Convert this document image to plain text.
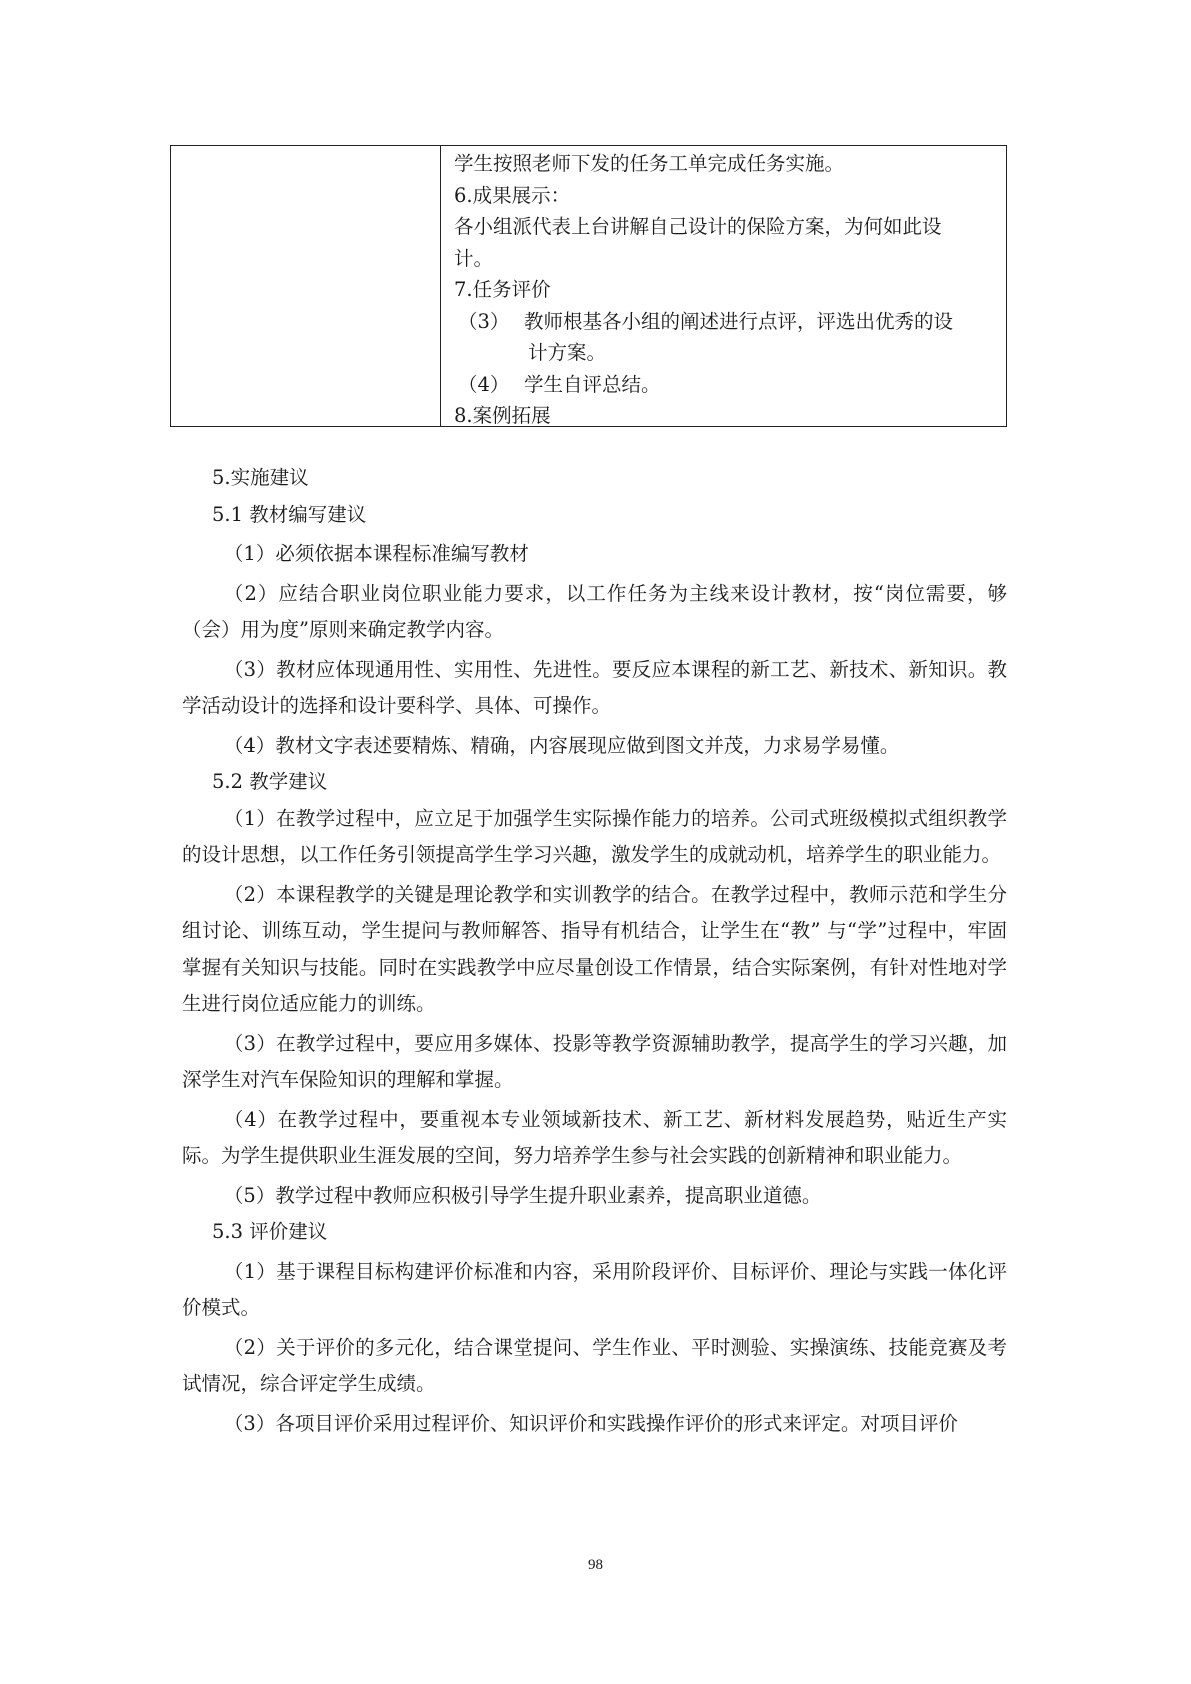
学生按照老师下发的任务工单完成任务实施。
6.成果展示：
各小组派代表上台讲解自己设计的保险方案，为何如此设
计。
7.任务评价
（3） 教师根基各小组的阐述进行点评，评选出优秀的设
计方案。
（4） 学生自评总结。
8.案例拓展

5.实施建议

5.1 教材编写建议

（1）必须依据本课程标准编写教材

（2）应结合职业岗位职业能力要求，以工作任务为主线来设计教材，按“岗位需要，够（会）用为度”原则来确定教学内容。

（3）教材应体现通用性、实用性、先进性。要反应本课程的新工艺、新技术、新知识。教学活动设计的选择和设计要科学、具体、可操作。

（4）教材文字表述要精炼、精确，内容展现应做到图文并茂，力求易学易懂。

5.2 教学建议

（1）在教学过程中，应立足于加强学生实际操作能力的培养。公司式班级模拟式组织教学的设计思想，以工作任务引领提高学生学习兴趣，激发学生的成就动机，培养学生的职业能力。

（2）本课程教学的关键是理论教学和实训教学的结合。在教学过程中，教师示范和学生分组讨论、训练互动，学生提问与教师解答、指导有机结合，让学生在“教” 与“学”过程中，牢固掌握有关知识与技能。同时在实践教学中应尽量创设工作情景，结合实际案例，有针对性地对学生进行岗位适应能力的训练。

（3）在教学过程中，要应用多媒体、投影等教学资源辅助教学，提高学生的学习兴趣，加深学生对汽车保险知识的理解和掌握。

（4）在教学过程中，要重视本专业领域新技术、新工艺、新材料发展趋势，贴近生产实际。为学生提供职业生涯发展的空间，努力培养学生参与社会实践的创新精神和职业能力。

（5）教学过程中教师应积极引导学生提升职业素养，提高职业道德。

5.3 评价建议

（1）基于课程目标构建评价标准和内容，采用阶段评价、目标评价、理论与实践一体化评价模式。

（2）关于评价的多元化，结合课堂提问、学生作业、平时测验、实操演练、技能竞赛及考试情况，综合评定学生成绩。

（3）各项目评价采用过程评价、知识评价和实践操作评价的形式来评定。对项目评价

98
